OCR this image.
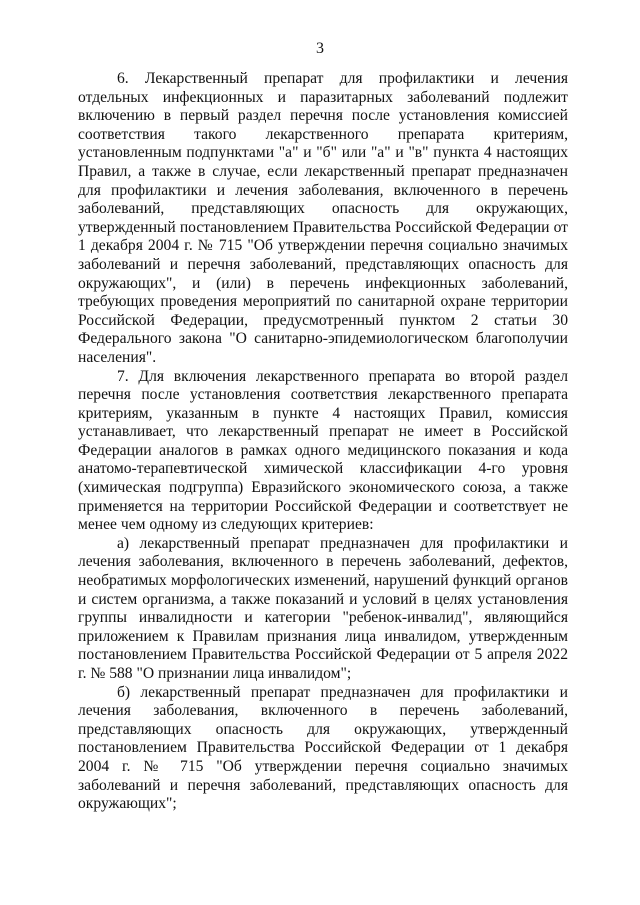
3

6. Лекарственный препарат для профилактики и лечения отдельных инфекционных и паразитарных заболеваний подлежит включению в первый раздел перечня после установления комиссией соответствия такого лекарственного препарата критериям, установленным подпунктами "а" и "б" или "а" и "в" пункта 4 настоящих Правил, а также в случае, если лекарственный препарат предназначен для профилактики и лечения заболевания, включенного в перечень заболеваний, представляющих опасность для окружающих, утвержденный постановлением Правительства Российской Федерации от 1 декабря 2004 г. № 715 "Об утверждении перечня социально значимых заболеваний и перечня заболеваний, представляющих опасность для окружающих", и (или) в перечень инфекционных заболеваний, требующих проведения мероприятий по санитарной охране территории Российской Федерации, предусмотренный пунктом 2 статьи 30 Федерального закона "О санитарно-эпидемиологическом благополучии населения".

7. Для включения лекарственного препарата во второй раздел перечня после установления соответствия лекарственного препарата критериям, указанным в пункте 4 настоящих Правил, комиссия устанавливает, что лекарственный препарат не имеет в Российской Федерации аналогов в рамках одного медицинского показания и кода анатомо-терапевтической химической классификации 4-го уровня (химическая подгруппа) Евразийского экономического союза, а также применяется на территории Российской Федерации и соответствует не менее чем одному из следующих критериев:

а) лекарственный препарат предназначен для профилактики и лечения заболевания, включенного в перечень заболеваний, дефектов, необратимых морфологических изменений, нарушений функций органов и систем организма, а также показаний и условий в целях установления группы инвалидности и категории "ребенок-инвалид", являющийся приложением к Правилам признания лица инвалидом, утвержденным постановлением Правительства Российской Федерации от 5 апреля 2022 г. № 588 "О признании лица инвалидом";

б) лекарственный препарат предназначен для профилактики и лечения заболевания, включенного в перечень заболеваний, представляющих опасность для окружающих, утвержденный постановлением Правительства Российской Федерации от 1 декабря 2004 г. № 715 "Об утверждении перечня социально значимых заболеваний и перечня заболеваний, представляющих опасность для окружающих";
